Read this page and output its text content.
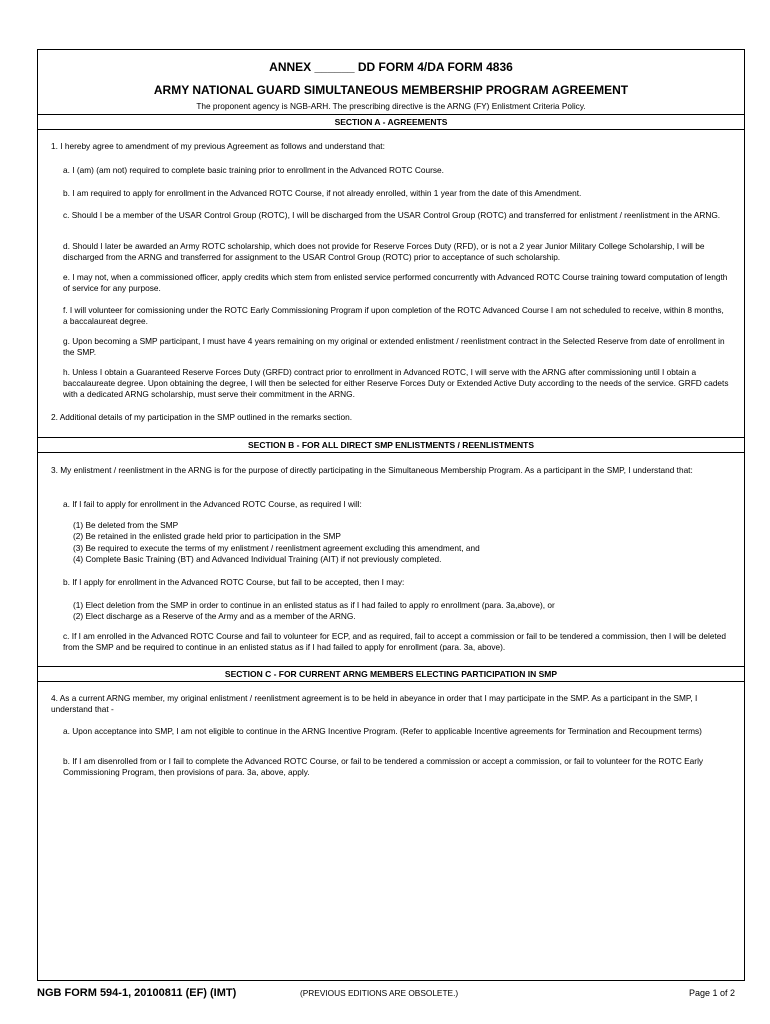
ANNEX ______ DD FORM 4/DA FORM 4836
ARMY NATIONAL GUARD SIMULTANEOUS MEMBERSHIP PROGRAM AGREEMENT
The proponent agency is NGB-ARH. The prescribing directive is the ARNG (FY) Enlistment Criteria Policy.
SECTION A - AGREEMENTS
1. I hereby agree to amendment of my previous Agreement as follows and understand that:
a. I (am) (am not) required to complete basic training prior to enrollment in the Advanced ROTC Course.
b. I am required to apply for enrollment in the Advanced ROTC Course, if not already enrolled, within 1 year from the date of this Amendment.
c. Should I be a member of the USAR Control Group (ROTC), I will be discharged from the USAR Control Group (ROTC) and transferred for enlistment / reenlistment in the ARNG.
d. Should I later be awarded an Army ROTC scholarship, which does not provide for Reserve Forces Duty (RFD), or is not a 2 year Junior Military College Scholarship, I will be discharged from the ARNG and transferred for assignment to the USAR Control Group (ROTC) prior to acceptance of such scholarship.
e. I may not, when a commissioned officer, apply credits which stem from enlisted service performed concurrently with Advanced ROTC Course training toward computation of length of service for any purpose.
f. I will volunteer for comissioning under the ROTC Early Commissioning Program if upon completion of the ROTC Advanced Course I am not scheduled to receive, within 8 months, a baccalaureat degree.
g. Upon becoming a SMP participant, I must have 4 years remaining on my original or extended enlistment / reenlistment contract in the Selected Reserve from date of enrollment in the SMP.
h. Unless I obtain a Guaranteed Reserve Forces Duty (GRFD) contract prior to enrollment in Advanced ROTC, I will serve with the ARNG after commissioning until I obtain a baccalaureate degree. Upon obtaining the degree, I will then be selected for either Reserve Forces Duty or Extended Active Duty according to the needs of the service. GRFD cadets with a dedicated ARNG scholarship, must serve their commitment in the ARNG.
2. Additional details of my participation in the SMP outlined in the remarks section.
SECTION B - FOR ALL DIRECT SMP ENLISTMENTS / REENLISTMENTS
3. My enlistment / reenlistment in the ARNG is for the purpose of directly participating in the Simultaneous Membership Program. As a participant in the SMP, I understand that:
a. If I fail to apply for enrollment in the Advanced ROTC Course, as required I will:
(1) Be deleted from the SMP
(2) Be retained in the enlisted grade held prior to participation in the SMP
(3) Be required to execute the terms of my enlistment / reenlistment agreement excluding this amendment, and
(4) Complete Basic Training (BT) and Advanced Individual Training (AIT) if not previously completed.
b. If I apply for enrollment in the Advanced ROTC Course, but fail to be accepted, then I may:
(1) Elect deletion from the SMP in order to continue in an enlisted status as if I had failed to apply ro enrollment (para. 3a,above), or
(2) Elect discharge as a Reserve of the Army and as a member of the ARNG.
c. If I am enrolled in the Advanced ROTC Course and fail to volunteer for ECP, and as required, fail to accept a commission or fail to be tendered a commission, then I will be deleted from the SMP and be required to continue in an enlisted status as if I had failed to apply for enrollment (para. 3a, above).
SECTION C - FOR CURRENT ARNG MEMBERS ELECTING PARTICIPATION IN SMP
4. As a current ARNG member, my original enlistment / reenlistment agreement is to be held in abeyance in order that I may participate in the SMP. As a participant in the SMP, I understand that -
a. Upon acceptance into SMP, I am not eligible to continue in the ARNG Incentive Program. (Refer to applicable Incentive agreements for Termination and Recoupment terms)
b. If I am disenrolled from or I fail to complete the Advanced ROTC Course, or fail to be tendered a commission or accept a commission, or fail to volunteer for the ROTC Early Commissioning Program, then provisions of para. 3a, above, apply.
NGB FORM 594-1, 20100811 (EF) (IMT)	(PREVIOUS EDITIONS ARE OBSOLETE.)	Page 1 of 2
